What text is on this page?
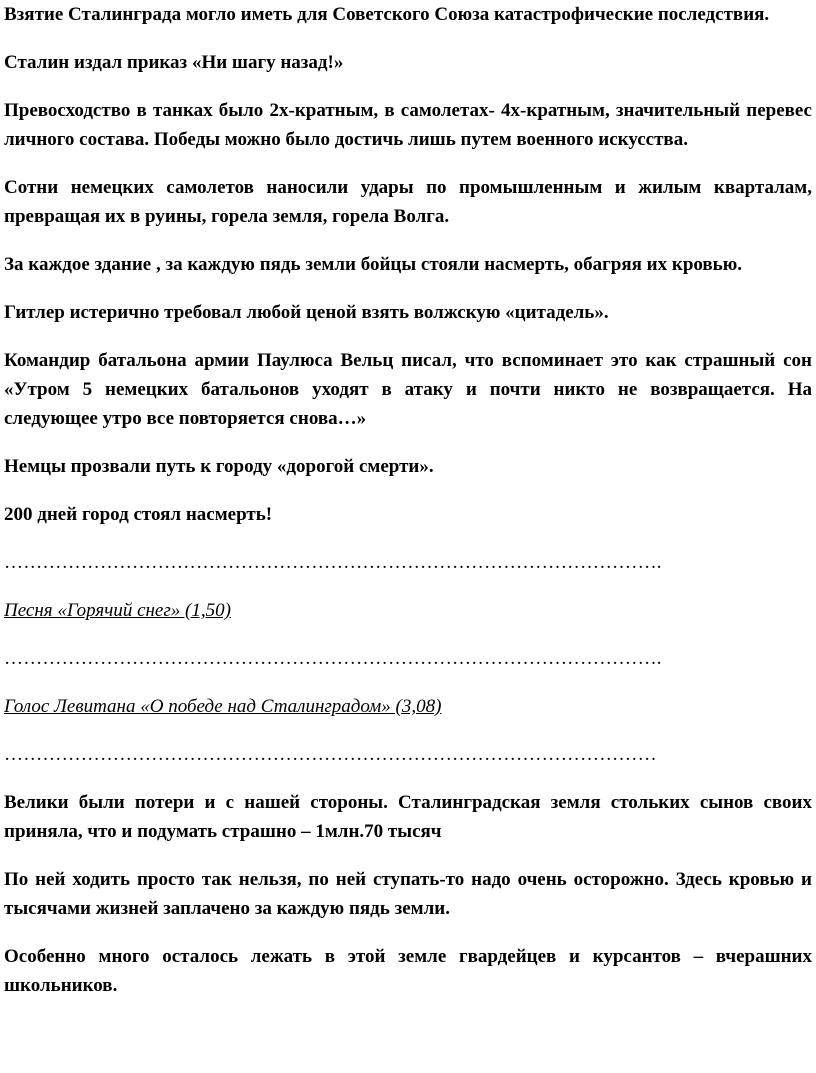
Взятие Сталинграда могло иметь для Советского Союза катастрофические последствия.

Сталин издал приказ «Ни шагу назад!»

Превосходство в танках было 2х-кратным, в самолетах- 4х-кратным, значительный перевес личного состава. Победы можно было достичь лишь путем военного искусства.

Сотни немецких самолетов наносили удары по промышленным и жилым кварталам, превращая их в руины, горела земля, горела Волга.

За каждое здание , за каждую пядь земли бойцы стояли насмерть, обагряя их кровью.

Гитлер истерично требовал любой ценой взять волжскую «цитадель».

Командир батальона армии Паулюса Вельц писал, что вспоминает это как страшный сон «Утром 5 немецких батальонов уходят в атаку и почти никто не возвращается. На следующее утро все повторяется снова…»

Немцы прозвали путь к городу «дорогой смерти».

200 дней город стоял насмерть!

………………………………………………………………………………………….

Песня «Горячий снег» (1,50)

………………………………………………………………………………………….

Голос Левитана «О победе над Сталинградом» (3,08)

…………………………………………………………………………………………

Велики были потери и с нашей стороны. Сталинградская земля стольких сынов своих приняла, что и подумать страшно – 1млн.70 тысяч

По ней ходить просто так нельзя, по ней ступать-то надо очень осторожно. Здесь кровью и тысячами жизней заплачено за каждую пядь земли.

Особенно много осталось лежать в этой земле гвардейцев и курсантов – вчерашних школьников.
